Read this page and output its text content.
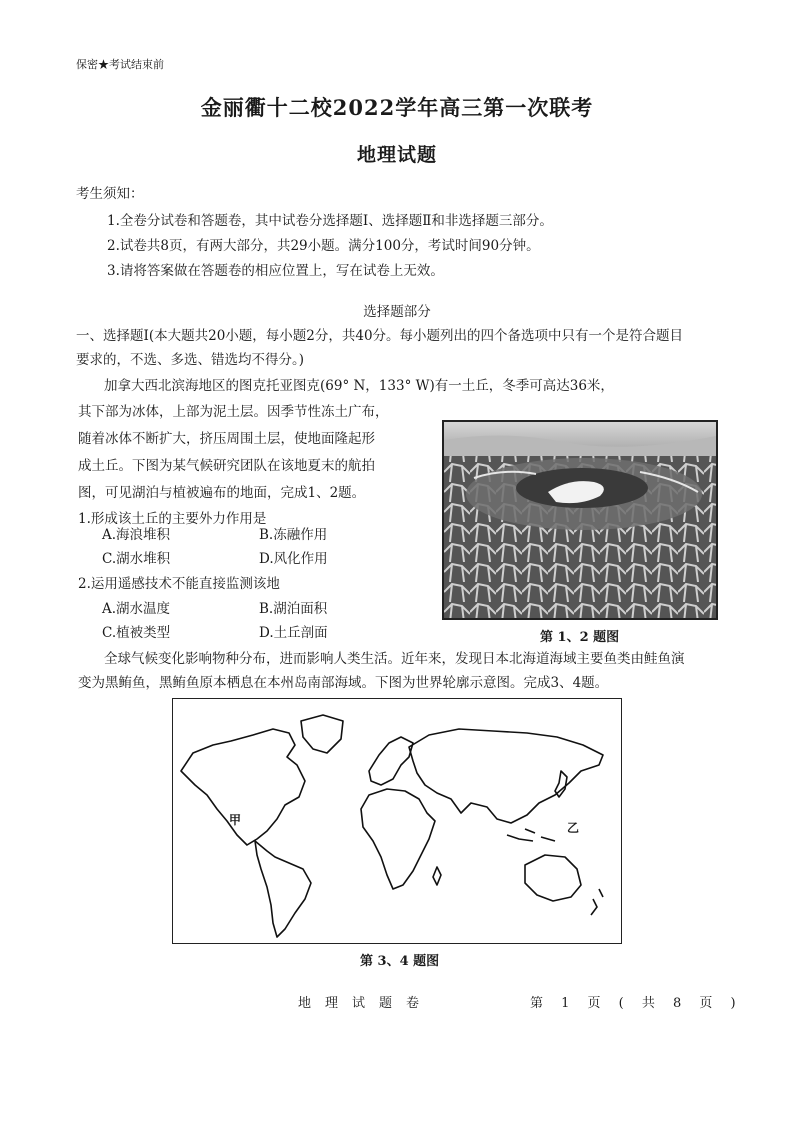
保密★考试结束前
金丽衢十二校2022学年高三第一次联考
地理试题
考生须知：
1.全卷分试卷和答题卷，其中试卷分选择题Ⅰ、选择题Ⅱ和非选择题三部分。
2.试卷共8页，有两大部分，共29小题。满分100分，考试时间90分钟。
3.请将答案做在答题卷的相应位置上，写在试卷上无效。
选择题部分
一、选择题Ⅰ(本大题共20小题，每小题2分，共40分。每小题列出的四个备选项中只有一个是符合题目
要求的，不选、多选、错选均不得分。)
加拿大西北滨海地区的图克托亚图克(69° N，133° W)有一土丘，冬季可高达36米，
其下部为冰体，上部为泥土层。因季节性冻土广布，
随着冰体不断扩大，挤压周围土层，使地面隆起形
成土丘。下图为某气候研究团队在该地夏末的航拍
图，可见湖泊与植被遍布的地面，完成1、2题。
1.形成该土丘的主要外力作用是
A.海浪堆积	B.冻融作用
C.湖水堆积	D.风化作用
2.运用遥感技术不能直接监测该地
A.湖水温度	B.湖泊面积
C.植被类型	D.土丘剖面	第 1、2 题图
全球气候变化影响物种分布，进而影响人类生活。近年来，发现日本北海道海域主要鱼类由鲑鱼演
变为黑鲔鱼，黑鲔鱼原本栖息在本州岛南部海域。下图为世界轮廓示意图。完成3、4题。
甲
乙
第 3、4 题图
地理试题卷	第 1 页 ( 共 8 页 )
